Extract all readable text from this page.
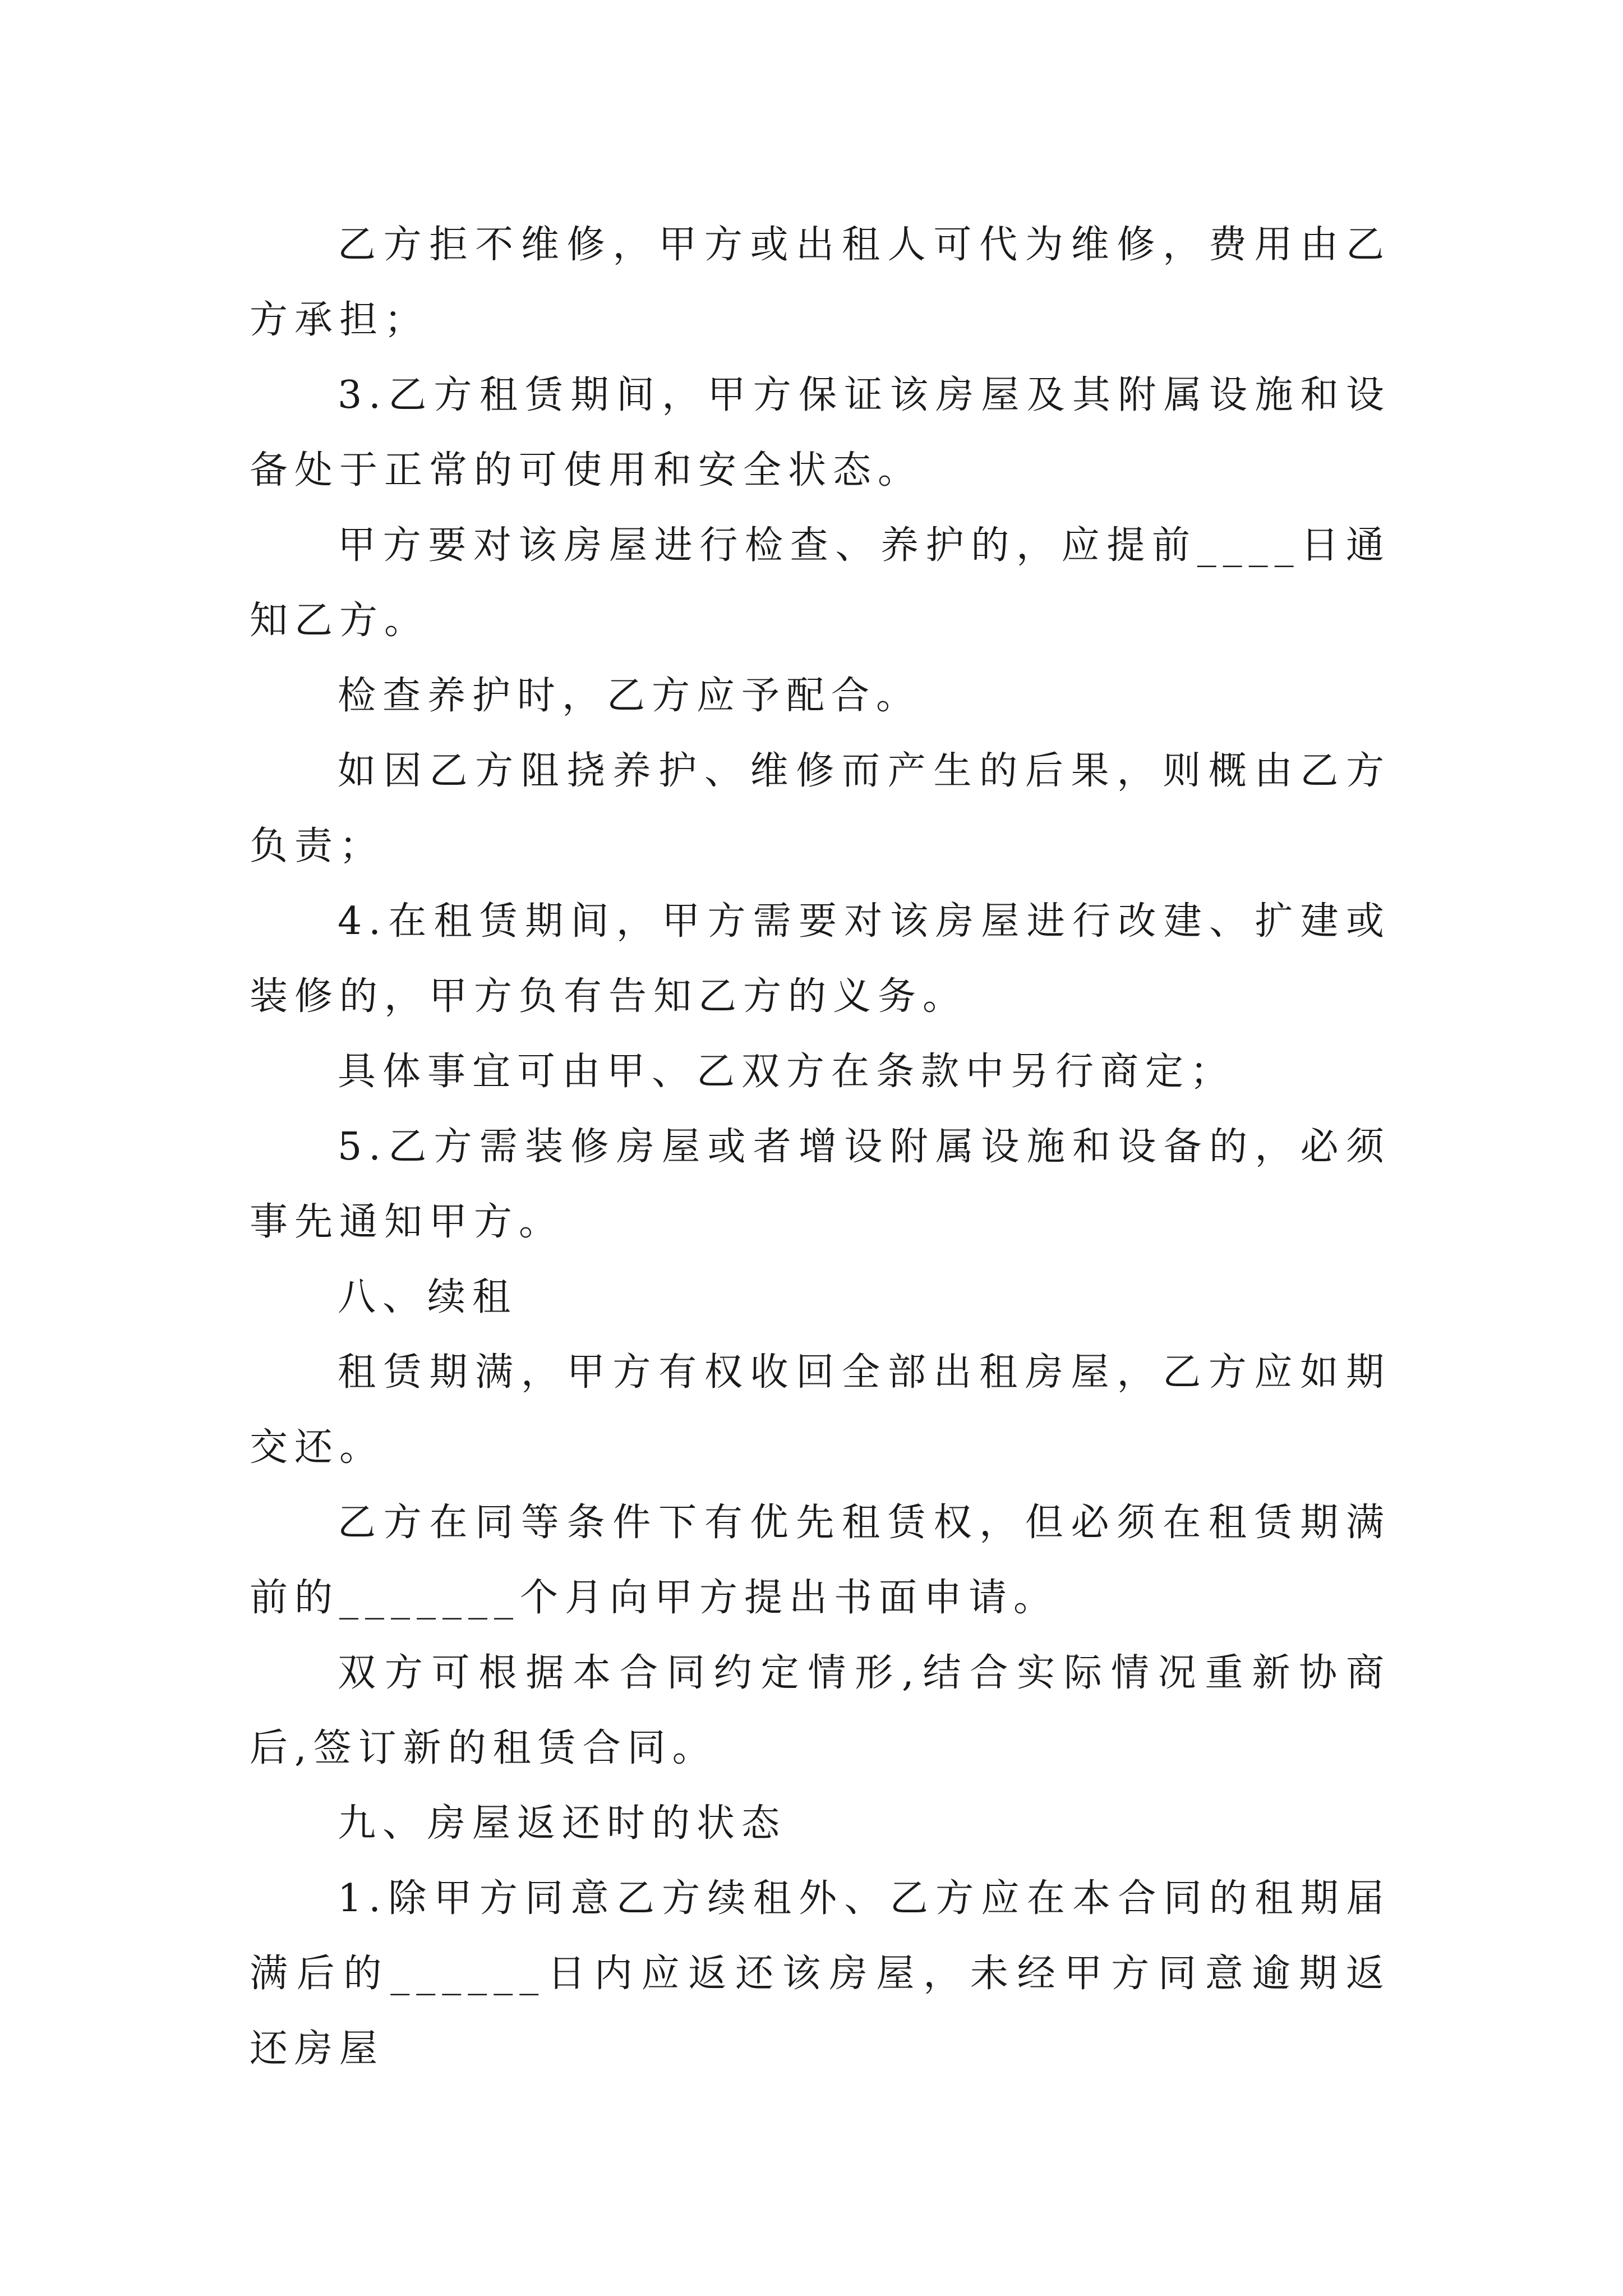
乙方拒不维修，甲方或出租人可代为维修，费用由乙方承担；

3.乙方租赁期间，甲方保证该房屋及其附属设施和设备处于正常的可使用和安全状态。

甲方要对该房屋进行检查、养护的，应提前____日通知乙方。

检查养护时，乙方应予配合。

如因乙方阻挠养护、维修而产生的后果，则概由乙方负责；

4.在租赁期间，甲方需要对该房屋进行改建、扩建或装修的，甲方负有告知乙方的义务。

具体事宜可由甲、乙双方在条款中另行商定；

5.乙方需装修房屋或者增设附属设施和设备的，必须事先通知甲方。

八、续租

租赁期满，甲方有权收回全部出租房屋，乙方应如期交还。

乙方在同等条件下有优先租赁权，但必须在租赁期满前的_______个月向甲方提出书面申请。

双方可根据本合同约定情形,结合实际情况重新协商后,签订新的租赁合同。

九、房屋返还时的状态

1.除甲方同意乙方续租外、乙方应在本合同的租期届满后的______日内应返还该房屋，未经甲方同意逾期返还房屋
